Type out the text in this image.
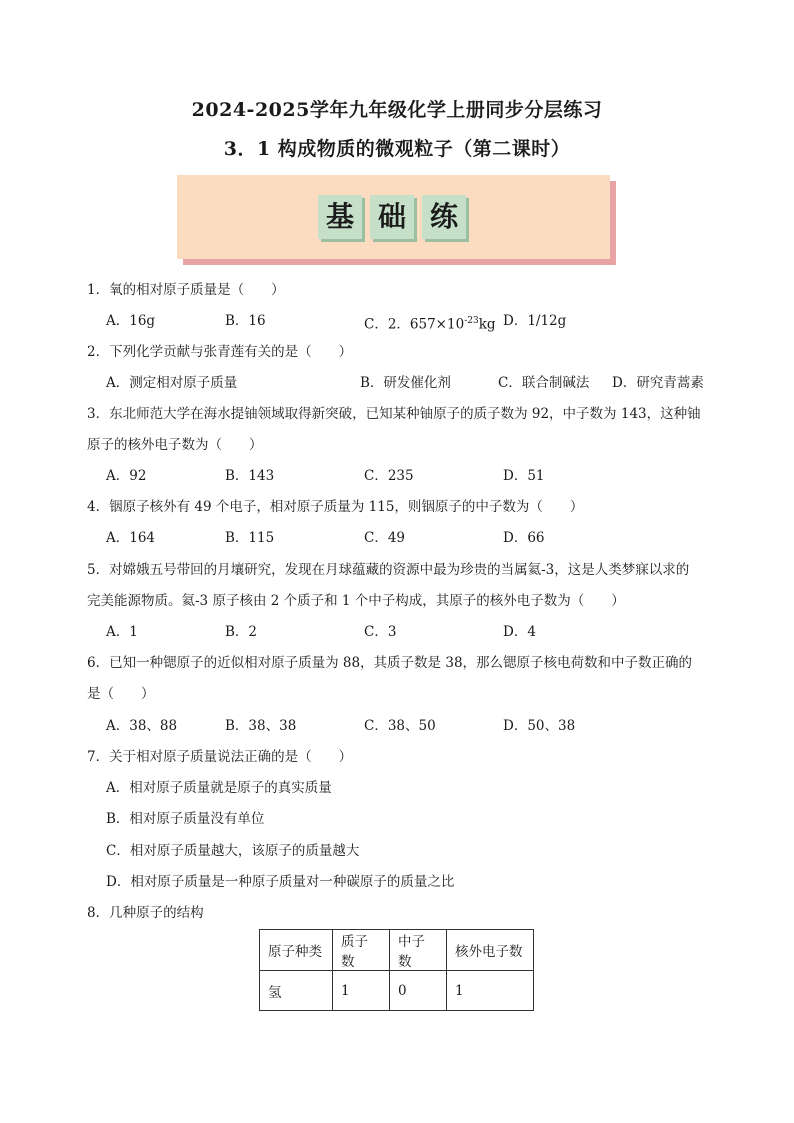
2024-2025学年九年级化学上册同步分层练习
3．1 构成物质的微观粒子（第二课时）
基 础 练
1．氧的相对原子质量是（　　）
A．16g	B．16	C．2．$657\times 10^{-23}kg$ D．1/12g
2．下列化学贡献与张青莲有关的是（　　）
A．测定相对原子质量	B．研发催化剂	C．联合制碱法 D．研究青蒿素
3．东北师范大学在海水提铀领域取得新突破，已知某种铀原子的质子数为 92，中子数为 143，这种铀
原子的核外电子数为（　　）
A．92	B．143	C．235	D．51
4．铟原子核外有 49 个电子，相对原子质量为 115，则铟原子的中子数为（　　）
A．164	B．115	C．49	D．66
5．对嫦娥五号带回的月壤研究，发现在月球蕴藏的资源中最为珍贵的当属氦-3，这是人类梦寐以求的
完美能源物质。氦-3 原子核由 2 个质子和 1 个中子构成，其原子的核外电子数为（　　）
A．1	B．2	C．3	D．4
6．已知一种锶原子的近似相对原子质量为 88，其质子数是 38，那么锶原子核电荷数和中子数正确的
是（　　）
A．38、88	B．38、38	C．38、50	D．50、38
7．关于相对原子质量说法正确的是（　　）
A．相对原子质量就是原子的真实质量
B．相对原子质量没有单位
C．相对原子质量越大，该原子的质量越大
D．相对原子质量是一种原子质量对一种碳原子的质量之比
8．几种原子的结构
原子种类	质子数	中子数	核外电子数
氢	1	0	1
